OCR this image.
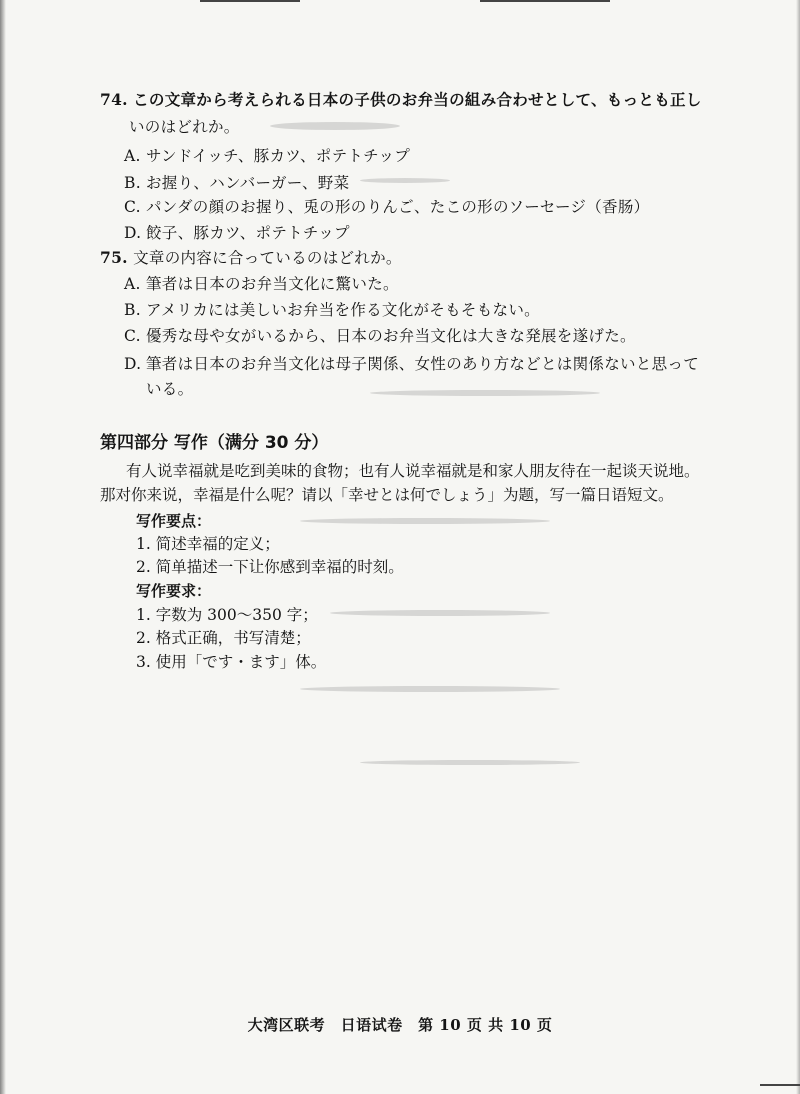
74. この文章から考えられる日本の子供のお弁当の組み合わせとして、もっとも正し
いのはどれか。
A. サンドイッチ、豚カツ、ポテトチップ
B. お握り、ハンバーガー、野菜
C. パンダの顔のお握り、兎の形のりんご、たこの形のソーセージ（香肠）
D. 餃子、豚カツ、ポテトチップ
75. 文章の内容に合っているのはどれか。
A. 筆者は日本のお弁当文化に驚いた。
B. アメリカには美しいお弁当を作る文化がそもそもない。
C. 優秀な母や女がいるから、日本のお弁当文化は大きな発展を遂げた。
D. 筆者は日本のお弁当文化は母子関係、女性のあり方などとは関係ないと思って
いる。
第四部分 写作（满分 30 分）
有人说幸福就是吃到美味的食物；也有人说幸福就是和家人朋友待在一起谈天说地。
那对你来说，幸福是什么呢？请以「幸せとは何でしょう」为题，写一篇日语短文。
写作要点：
1. 简述幸福的定义；
2. 简单描述一下让你感到幸福的时刻。
写作要求：
1. 字数为 300～350 字；
2. 格式正确，书写清楚；
3. 使用「です・ます」体。
大湾区联考　日语试卷　第 10 页 共 10 页
